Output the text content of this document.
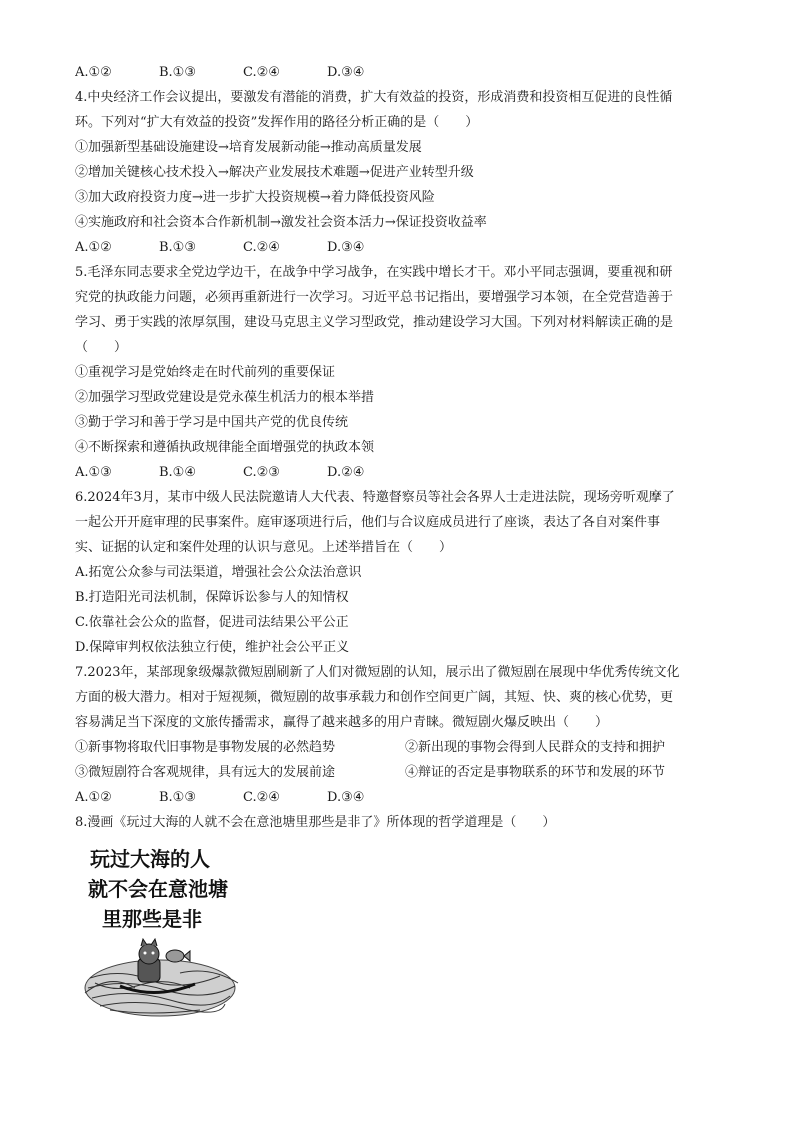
A.①②	B.①③	C.②④	D.③④
4.中央经济工作会议提出，要激发有潜能的消费，扩大有效益的投资，形成消费和投资相互促进的良性循
环。下列对“扩大有效益的投资”发挥作用的路径分析正确的是（　　）
①加强新型基础设施建设→培育发展新动能→推动高质量发展
②增加关键核心技术投入→解决产业发展技术难题→促进产业转型升级
③加大政府投资力度→进一步扩大投资规模→着力降低投资风险
④实施政府和社会资本合作新机制→激发社会资本活力→保证投资收益率
A.①②	B.①③	C.②④	D.③④
5.毛泽东同志要求全党边学边干，在战争中学习战争，在实践中增长才干。邓小平同志强调，要重视和研
究党的执政能力问题，必须再重新进行一次学习。习近平总书记指出，要增强学习本领，在全党营造善于
学习、勇于实践的浓厚氛围，建设马克思主义学习型政党，推动建设学习大国。下列对材料解读正确的是
（　　）
①重视学习是党始终走在时代前列的重要保证
②加强学习型政党建设是党永葆生机活力的根本举措
③勤于学习和善于学习是中国共产党的优良传统
④不断探索和遵循执政规律能全面增强党的执政本领
A.①③	B.①④	C.②③	D.②④
6.2024年3月，某市中级人民法院邀请人大代表、特邀督察员等社会各界人士走进法院，现场旁听观摩了
一起公开开庭审理的民事案件。庭审逐项进行后，他们与合议庭成员进行了座谈，表达了各自对案件事
实、证据的认定和案件处理的认识与意见。上述举措旨在（　　）
A.拓宽公众参与司法渠道，增强社会公众法治意识
B.打造阳光司法机制，保障诉讼参与人的知情权
C.依靠社会公众的监督，促进司法结果公平公正
D.保障审判权依法独立行使，维护社会公平正义
7.2023年，某部现象级爆款微短剧刷新了人们对微短剧的认知，展示出了微短剧在展现中华优秀传统文化
方面的极大潜力。相对于短视频，微短剧的故事承载力和创作空间更广阔，其短、快、爽的核心优势，更
容易满足当下深度的文旅传播需求，赢得了越来越多的用户青睐。微短剧火爆反映出（　　）
①新事物将取代旧事物是事物发展的必然趋势	②新出现的事物会得到人民群众的支持和拥护
③微短剧符合客观规律，具有远大的发展前途	④辩证的否定是事物联系的环节和发展的环节
A.①②	B.①③	C.②④	D.③④
8.漫画《玩过大海的人就不会在意池塘里那些是非了》所体现的哲学道理是（　　）
玩过大海的人
就不会在意池塘
里那些是非
